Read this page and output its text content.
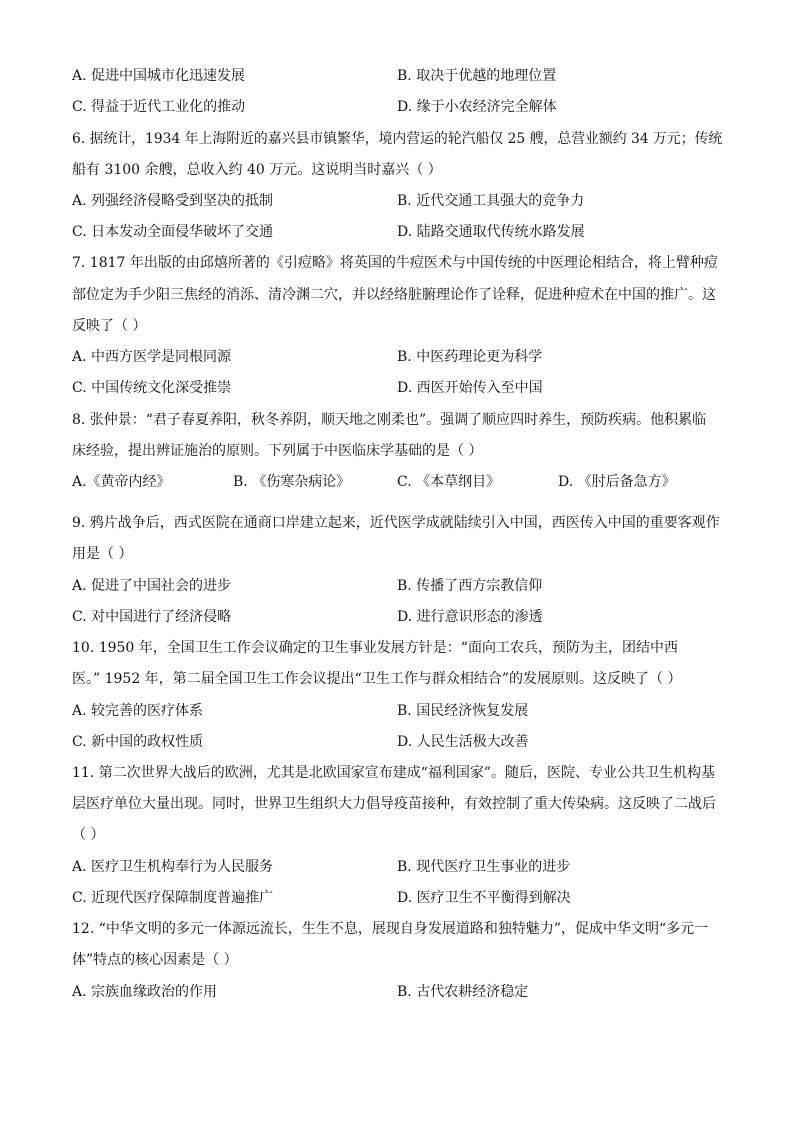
A. 促进中国城市化迅速发展	B. 取决于优越的地理位置
C. 得益于近代工业化的推动	D. 缘于小农经济完全解体
6. 据统计，1934 年上海附近的嘉兴县市镇繁华，境内营运的轮汽船仅 25 艘，总营业额约 34 万元；传统
船有 3100 余艘，总收入约 40 万元。这说明当时嘉兴（ ）
A. 列强经济侵略受到坚决的抵制	B. 近代交通工具强大的竞争力
C. 日本发动全面侵华破坏了交通	D. 陆路交通取代传统水路发展
7. 1817 年出版的由邱熺所著的《引痘略》将英国的牛痘医术与中国传统的中医理论相结合，将上臂种痘
部位定为手少阳三焦经的消泺、清冷渊二穴，并以经络脏腑理论作了诠释，促进种痘术在中国的推广。这
反映了（ ）
A. 中西方医学是同根同源	B. 中医药理论更为科学
C. 中国传统文化深受推崇	D. 西医开始传入至中国
8. 张仲景：“君子春夏养阳，秋冬养阴，顺天地之刚柔也”。强调了顺应四时养生，预防疾病。他积累临
床经验，提出辨证施治的原则。下列属于中医临床学基础的是（ ）
A.《黄帝内经》	B. 《伤寒杂病论》	C. 《本草纲目》	D. 《肘后备急方》
9. 鸦片战争后，西式医院在通商口岸建立起来，近代医学成就陆续引入中国，西医传入中国的重要客观作
用是（ ）
A. 促进了中国社会的进步	B. 传播了西方宗教信仰
C. 对中国进行了经济侵略	D. 进行意识形态的渗透
10. 1950 年，全国卫生工作会议确定的卫生事业发展方针是：“面向工农兵，预防为主，团结中西
医。” 1952 年，第二届全国卫生工作会议提出“卫生工作与群众相结合”的发展原则。这反映了（ ）
A. 较完善的医疗体系	B. 国民经济恢复发展
C. 新中国的政权性质	D. 人民生活极大改善
11. 第二次世界大战后的欧洲，尤其是北欧国家宣布建成“福利国家”。随后，医院、专业公共卫生机构基
层医疗单位大量出现。同时，世界卫生组织大力倡导疫苗接种，有效控制了重大传染病。这反映了二战后
（ ）
A. 医疗卫生机构奉行为人民服务	B. 现代医疗卫生事业的进步
C. 近现代医疗保障制度普遍推广	D. 医疗卫生不平衡得到解决
12. “中华文明的多元一体源远流长，生生不息，展现自身发展道路和独特魅力”，促成中华文明“多元一
体”特点的核心因素是（ ）
A. 宗族血缘政治的作用	B. 古代农耕经济稳定
